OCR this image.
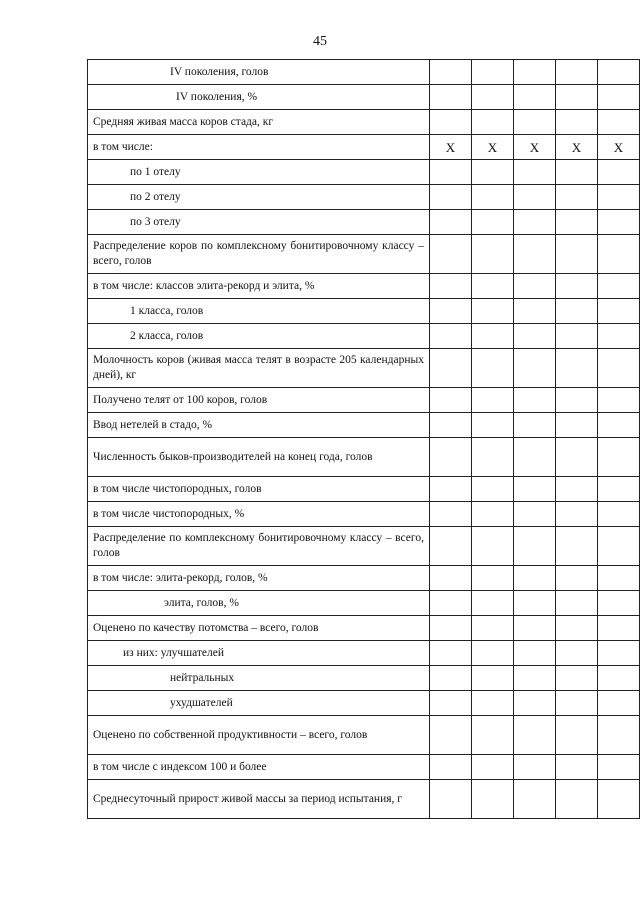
45
IV поколения, голов					
IV поколения, %					
Средняя живая масса коров стада, кг					
в том числе:	X	X	X	X	X
по 1 отелу					
по 2 отелу					
по 3 отелу					
Распределение коров по комплексному бонитировочному классу – всего, голов					
в том числе: классов элита-рекорд и элита, %					
1 класса, голов					
2 класса, голов					
Молочность коров (живая масса телят в возрасте 205 календарных дней), кг					
Получено телят от 100 коров, голов					
Ввод нетелей в стадо, %					
Численность быков-производителей на конец года, голов					
в том числе чистопородных, голов					
в том числе чистопородных, %					
Распределение по комплексному бонитировочному классу – всего, голов					
в том числе: элита-рекорд, голов, %					
элита, голов, %					
Оценено по качеству потомства – всего, голов					
из них: улучшателей					
нейтральных					
ухудшателей					
Оценено по собственной продуктивности – всего, голов					
в том числе с индексом 100 и более					
Среднесуточный прирост живой массы за период испытания, г					
